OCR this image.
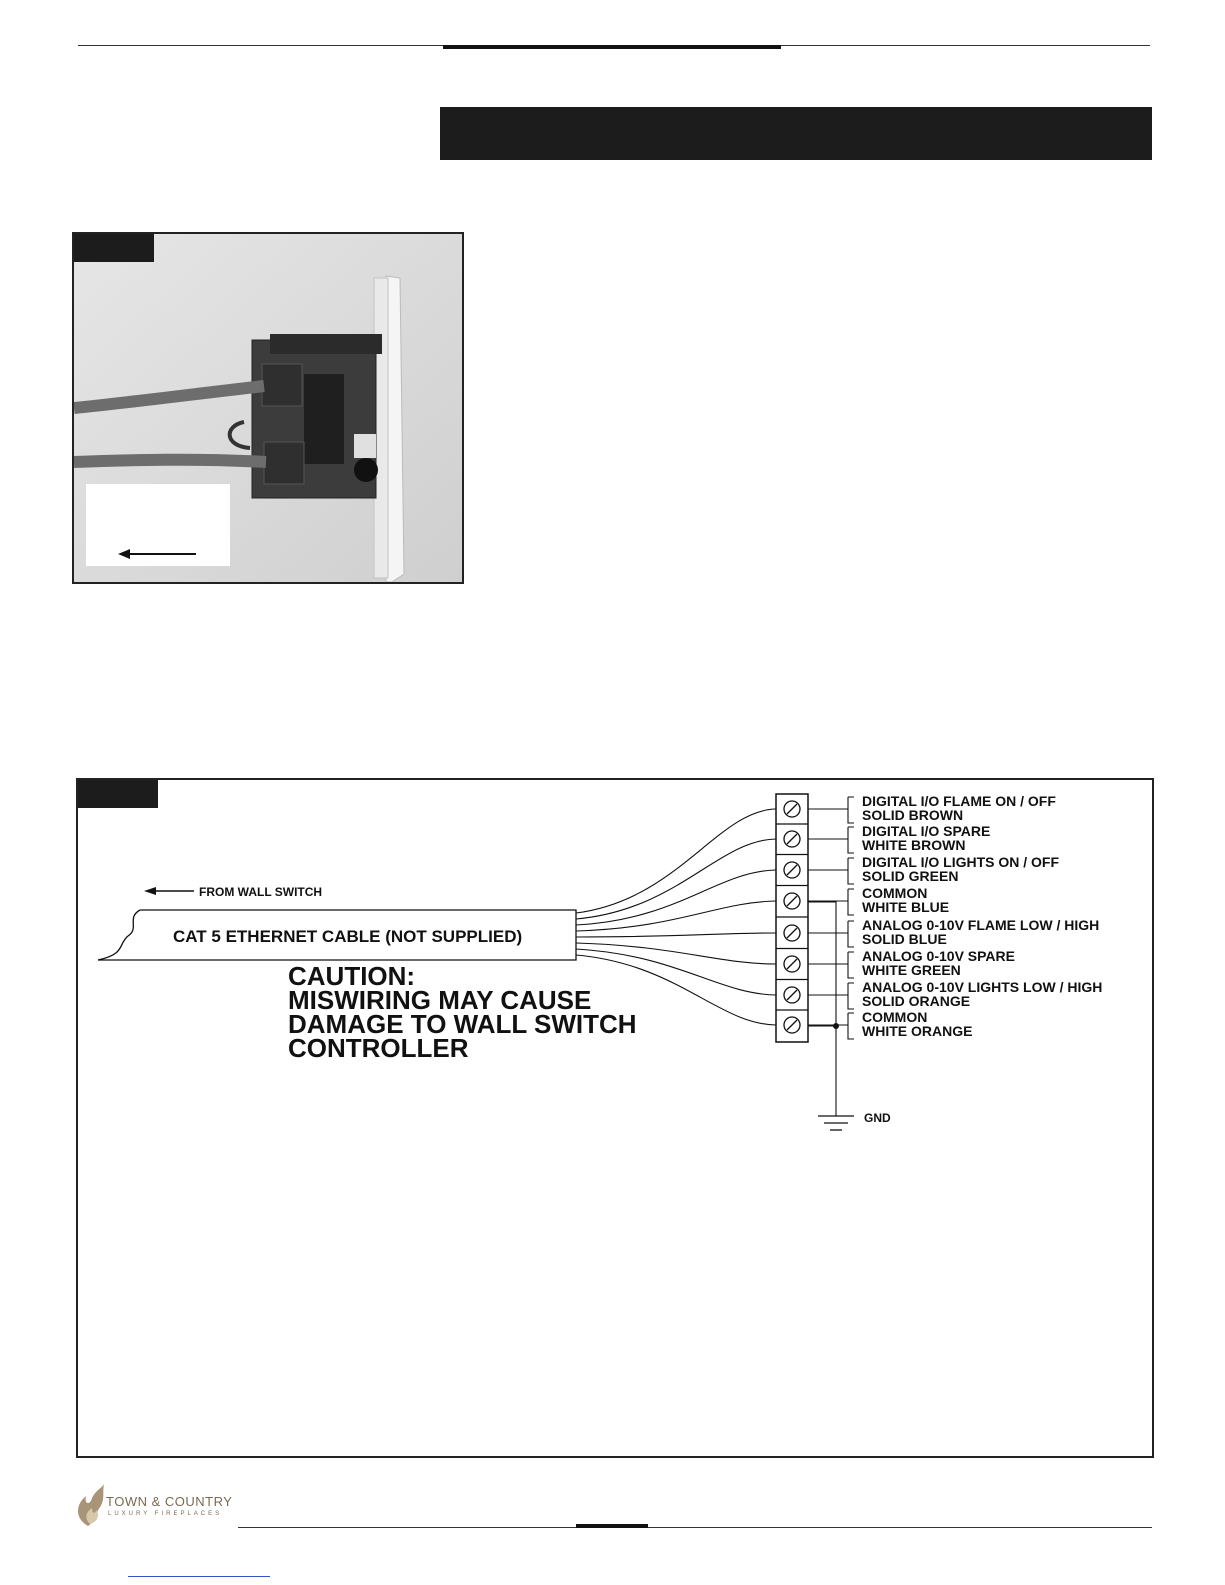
FROM WALL SWITCH
CAT 5 ETHERNET CABLE (NOT SUPPLIED)
GND
DIGITAL I/O FLAME ON / OFF
SOLID BROWN
DIGITAL I/O SPARE
WHITE BROWN
DIGITAL I/O LIGHTS ON / OFF
SOLID GREEN
COMMON
WHITE BLUE
ANALOG 0-10V FLAME LOW / HIGH
SOLID BLUE
ANALOG 0-10V SPARE
WHITE GREEN
ANALOG 0-10V LIGHTS LOW / HIGH
SOLID ORANGE
COMMON
WHITE ORANGE
CAUTION:
MISWIRING MAY CAUSE
DAMAGE TO WALL SWITCH
CONTROLLER
TOWN & COUNTRY
LUXURY FIREPLACES
